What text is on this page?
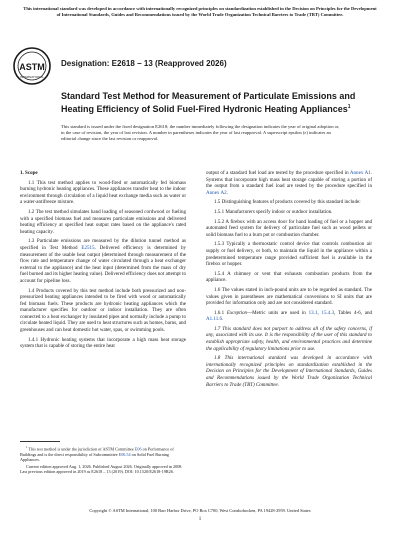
This international standard was developed in accordance with internationally recognized principles on standardization established in the Decision on Principles for the Development of International Standards, Guides and Recommendations issued by the World Trade Organization Technical Barriers to Trade (TBT) Committee.
ASTM
INTERNATIONAL
Designation: E2618 − 13 (Reapproved 2026)
Standard Test Method for Measurement of Particulate Emissions and Heating Efficiency of Solid Fuel-Fired Hydronic Heating Appliances$^1$
This standard is issued under the fixed designation E2618; the number immediately following the designation indicates the year of original adoption or, in the case of revision, the year of last revision. A number in parentheses indicates the year of last reapproval. A superscript epsilon (ε) indicates an editorial change since the last revision or reapproval.

1. Scope

1.1 This test method applies to wood-fired or automatically fed biomass burning hydronic heating appliances. These appliances transfer heat to the indoor environment through circulation of a liquid heat exchange media such as water or a water-antifreeze mixture.

1.2 The test method simulates hand loading of seasoned cordwood or fueling with a specified biomass fuel and measures particulate emissions and delivered heating efficiency at specified heat output rates based on the appliance's rated heating capacity.

1.3 Particulate emissions are measured by the dilution tunnel method as specified in Test Method E2515. Delivered efficiency is determined by measurement of the usable heat output (determined through measurement of the flow rate and temperature change of water circulated through a heat exchanger external to the appliance) and the heat input (determined from the mass of dry fuel burned and its higher heating value). Delivered efficiency does not attempt to account for pipeline loss.

1.4 Products covered by this test method include both pressurized and non-pressurized heating appliances intended to be fired with wood or automatically fed biomass fuels. These products are hydronic heating appliances which the manufacturer specifies for outdoor or indoor installation. They are often connected to a heat exchanger by insulated pipes and normally include a pump to circulate heated liquid. They are used to heat structures such as homes, barns, and greenhouses and can heat domestic hot water, spas, or swimming pools.

1.4.1 Hydronic heating systems that incorporate a high mass heat storage system that is capable of storing the entire heat

output of a standard fuel load are tested by the procedure specified in Annex A1. Systems that incorporate high mass heat storage capable of storing a portion of the output from a standard fuel load are tested by the procedure specified in Annex A2.

1.5 Distinguishing features of products covered by this standard include:

1.5.1 Manufacturers specify indoor or outdoor installation.

1.5.2 A firebox with an access door for hand loading of fuel or a hopper and automated feed system for delivery of particulate fuel such as wood pellets or solid biomass fuel to a burn pot or combustion chamber.

1.5.3 Typically a thermostatic control device that controls combustion air supply or fuel delivery, or both, to maintain the liquid in the appliance within a predetermined temperature range provided sufficient fuel is available in the firebox or hopper.

1.5.4 A chimney or vent that exhausts combustion products from the appliance.

1.6 The values stated in inch-pound units are to be regarded as standard. The values given in parentheses are mathematical conversions to SI units that are provided for information only and are not considered standard.

1.6.1 Exception—Metric units are used in 13.1, 15.4.3, Tables 4-6, and A1.11.6.

1.7 This standard does not purport to address all of the safety concerns, if any, associated with its use. It is the responsibility of the user of this standard to establish appropriate safety, health, and environmental practices and determine the applicability of regulatory limitations prior to use.

1.8 This international standard was developed in accordance with internationally recognized principles on standardization established in the Decision on Principles for the Development of International Standards, Guides and Recommendations issued by the World Trade Organization Technical Barriers to Trade (TBT) Committee.

$^1$ This test method is under the jurisdiction of ASTM Committee E06 on Performance of Buildings and is the direct responsibility of Subcommittee E06.54 on Solid Fuel Burning Appliances.

Current edition approved Aug. 1, 2026. Published August 2026. Originally approved in 2008. Last previous edition approved in 2019 as E2618 – 13 (2019). DOI: 10.1520/E2618-19R26.

Copyright © ASTM International, 100 Barr Harbor Drive, PO Box C700, West Conshohocken, PA 19428-2959. United States
1
